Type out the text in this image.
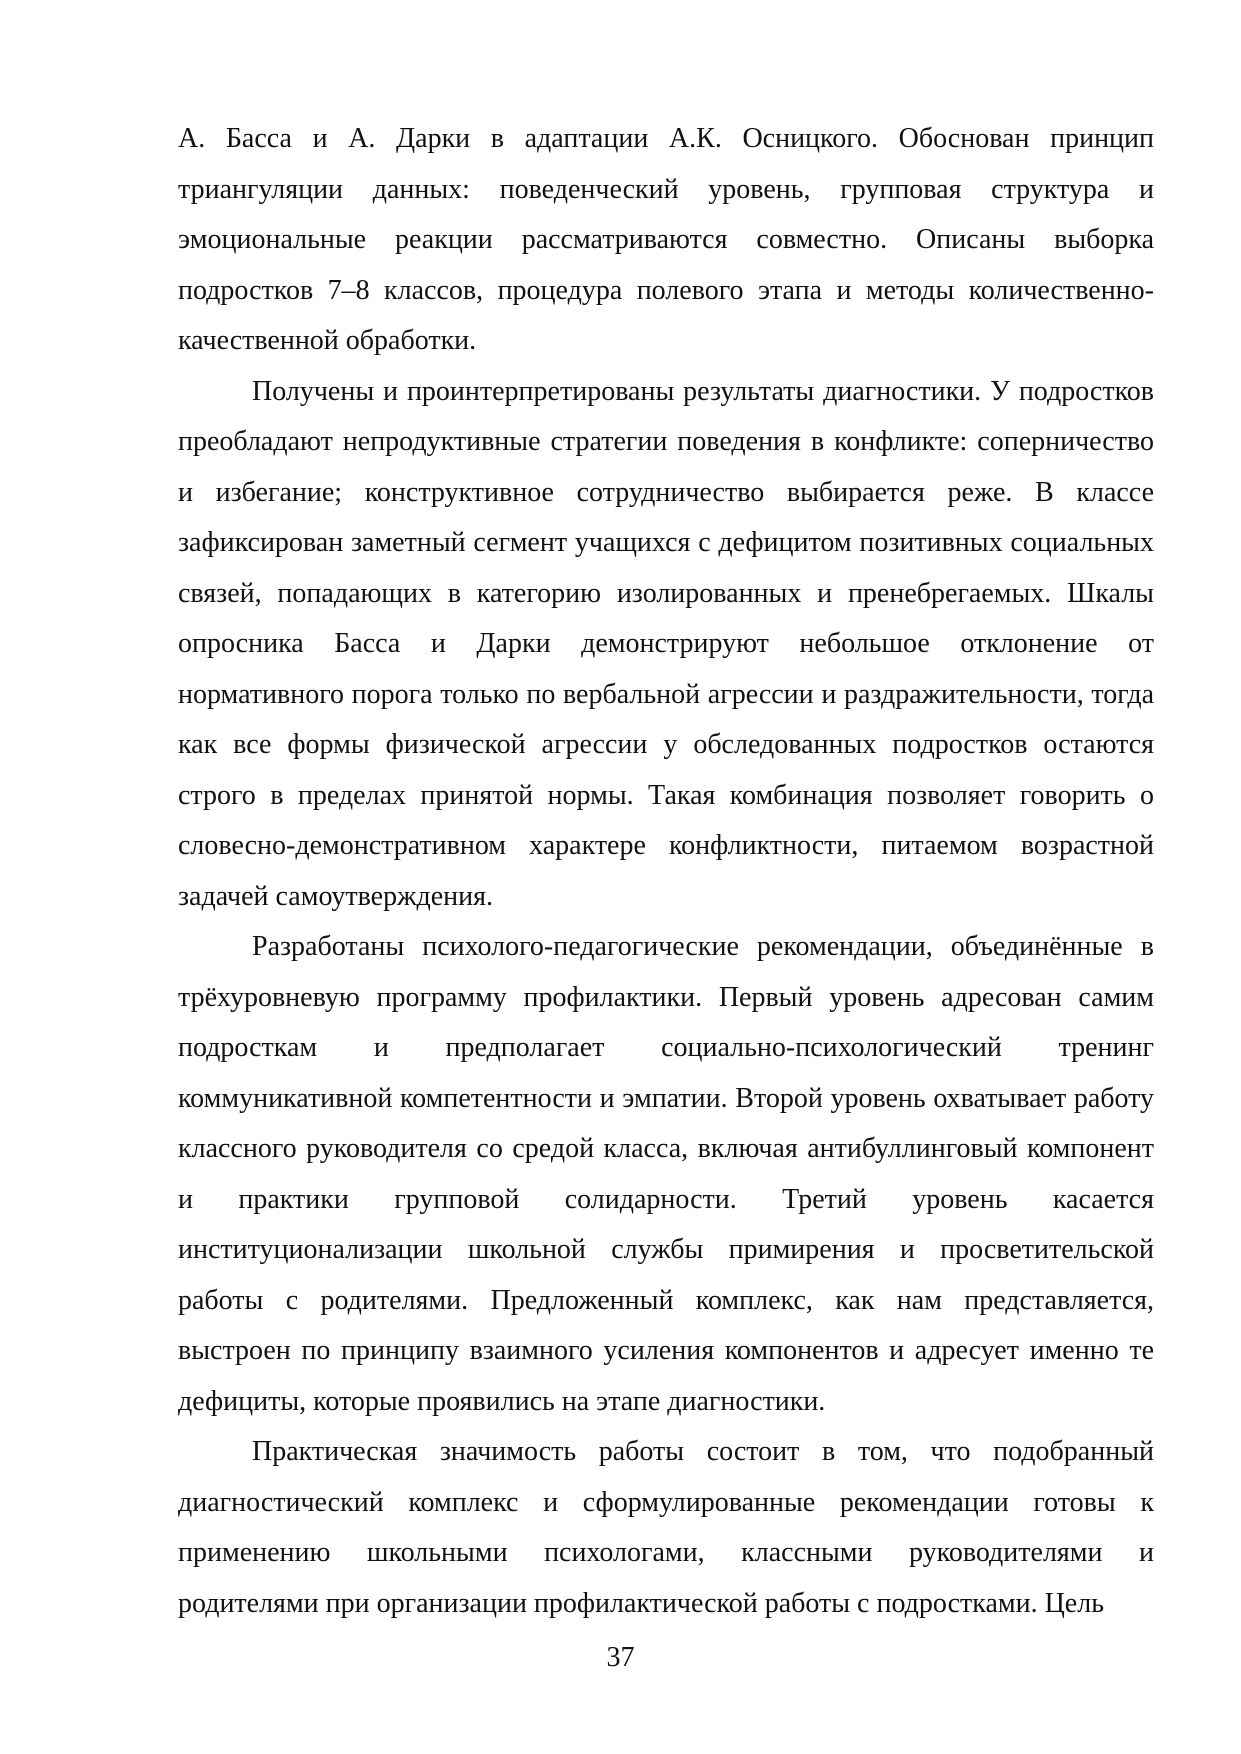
А. Басса и А. Дарки в адаптации А.К. Осницкого. Обоснован принцип триангуляции данных: поведенческий уровень, групповая структура и эмоциональные реакции рассматриваются совместно. Описаны выборка подростков 7–8 классов, процедура полевого этапа и методы количественно-качественной обработки.

Получены и проинтерпретированы результаты диагностики. У подростков преобладают непродуктивные стратегии поведения в конфликте: соперничество и избегание; конструктивное сотрудничество выбирается реже. В классе зафиксирован заметный сегмент учащихся с дефицитом позитивных социальных связей, попадающих в категорию изолированных и пренебрегаемых. Шкалы опросника Басса и Дарки демонстрируют небольшое отклонение от нормативного порога только по вербальной агрессии и раздражительности, тогда как все формы физической агрессии у обследованных подростков остаются строго в пределах принятой нормы. Такая комбинация позволяет говорить о словесно-демонстративном характере конфликтности, питаемом возрастной задачей самоутверждения.

Разработаны психолого-педагогические рекомендации, объединённые в трёхуровневую программу профилактики. Первый уровень адресован самим подросткам и предполагает социально-психологический тренинг коммуникативной компетентности и эмпатии. Второй уровень охватывает работу классного руководителя со средой класса, включая антибуллинговый компонент и практики групповой солидарности. Третий уровень касается институционализации школьной службы примирения и просветительской работы с родителями. Предложенный комплекс, как нам представляется, выстроен по принципу взаимного усиления компонентов и адресует именно те дефициты, которые проявились на этапе диагностики.

Практическая значимость работы состоит в том, что подобранный диагностический комплекс и сформулированные рекомендации готовы к применению школьными психологами, классными руководителями и родителями при организации профилактической работы с подростками. Цель

37
